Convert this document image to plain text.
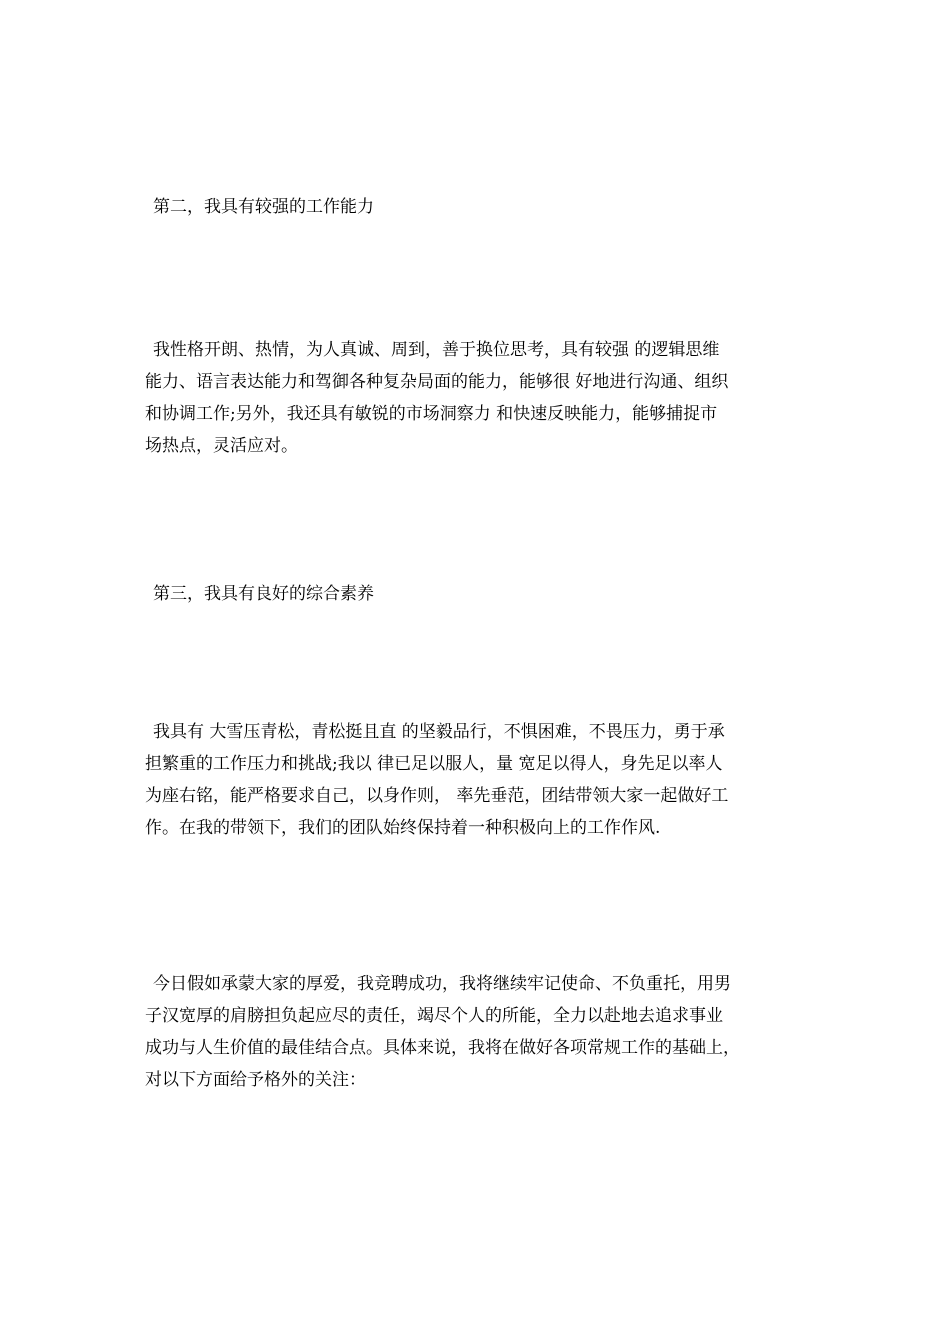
第二，我具有较强的工作能力
我性格开朗、热情，为人真诚、周到，善于换位思考，具有较强 的逻辑思维
能力、语言表达能力和驾御各种复杂局面的能力，能够很 好地进行沟通、组织
和协调工作;另外，我还具有敏锐的市场洞察力 和快速反映能力，能够捕捉市
场热点，灵活应对。
第三，我具有良好的综合素养
我具有 大雪压青松，青松挺且直 的坚毅品行，不惧困难，不畏压力，勇于承
担繁重的工作压力和挑战;我以 律已足以服人，量 宽足以得人，身先足以率人
为座右铭，能严格要求自己，以身作则， 率先垂范，团结带领大家一起做好工
作。在我的带领下，我们的团队始终保持着一种积极向上的工作作风.
今日假如承蒙大家的厚爱，我竞聘成功，我将继续牢记使命、不负重托，用男
子汉宽厚的肩膀担负起应尽的责任，竭尽个人的所能，全力以赴地去追求事业
成功与人生价值的最佳结合点。具体来说，我将在做好各项常规工作的基础上，
对以下方面给予格外的关注：
